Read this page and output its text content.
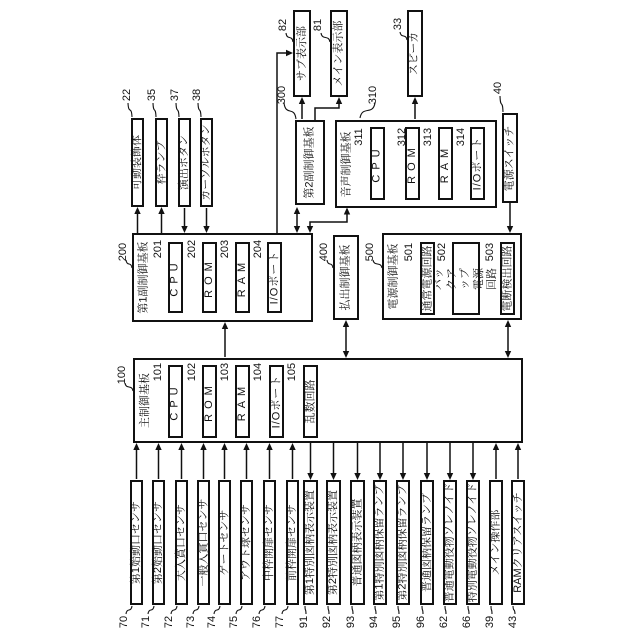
第1副制御基板
第2副制御基板 音声制御基板
払出制御基板	電源制御基板
主制御基板
CPU ROM RAM I/Oポート
CPU ROM RAM I/Oポート
通常電源回路 バックアップ
電源回路 電断検出回路
CPU ROM RAM I/Oポート 乱数回路
可動装飾体 枠ランプ 演出ボタン カーソルボタン
サブ表示部 メイン表示部	スピーカ
電源スイッチ
第1始動口センサ 第2始動口センサ 大入賞口センサ 一般入賞口センサ ゲートセンサ アウト球センサ 中枠開扉センサ 前枠開扉センサ 第1特別図柄表示装置 第2特別図柄表示装置 普通図柄表示装置 第1特別図柄保留ランプ 第2特別図柄保留ランプ 普通図柄保留ランプ 普通電動役物ソレノイド 特別電動役物ソレノイド メイン操作部 RAMクリアスイッチ
22 35 37 38
82 81	33
40
300	310
200 201 202 203 204
311	312 313 314
400	500 501 502	503
100 101 102 103 104 105
70 71 72 73 74 75 76 77 91 92 93 94 95 96 62 66 39 43
